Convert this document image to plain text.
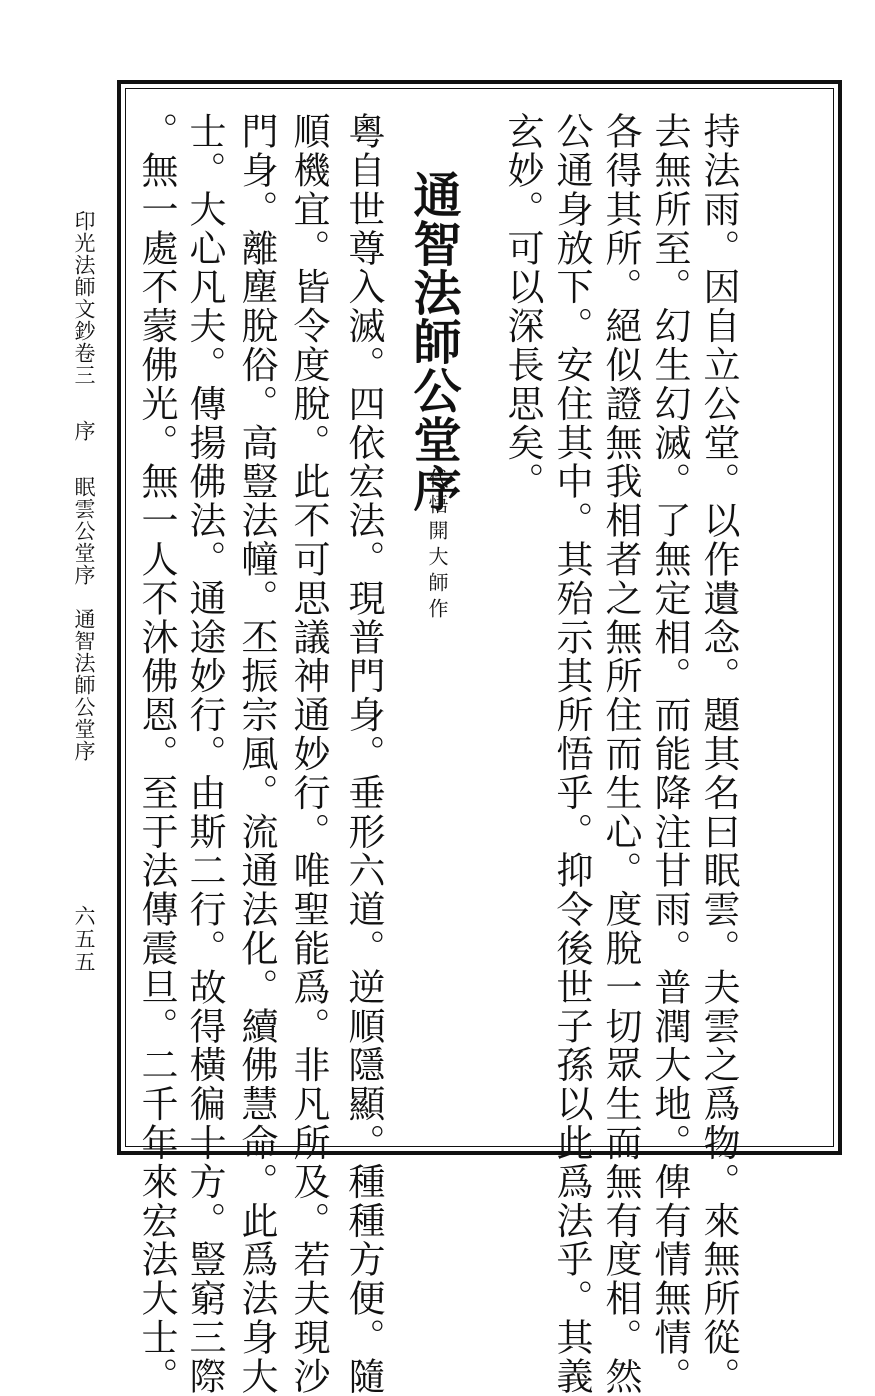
持法雨。因自立公堂。以作遺念。題其名曰眠雲。夫雲之爲物。來無所從。
去無所至。幻生幻滅。了無定相。而能降注甘雨。普潤大地。俾有情無情。
各得其所。絕似證無我相者之無所住而生心。度脫一切眾生而無有度相。然
公通身放下。安住其中。其殆示其所悟乎。抑令後世子孫以此爲法乎。其義
玄妙。可以深長思矣。
通智法師公堂序
代悟開大師作
粵自世尊入滅。四依宏法。現普門身。垂形六道。逆順隱顯。種種方便。隨
順機宜。皆令度脫。此不可思議神通妙行。唯聖能爲。非凡所及。若夫現沙
門身。離塵脫俗。高豎法幢。丕振宗風。流通法化。續佛慧命。此爲法身大
士。大心凡夫。傳揚佛法。通途妙行。由斯二行。故得橫徧十方。豎窮三際
。無一處不蒙佛光。無一人不沐佛恩。至于法傳震旦。二千年來宏法大士。
印光法師文鈔卷三序眠雲公堂序通智法師公堂序
六五五
